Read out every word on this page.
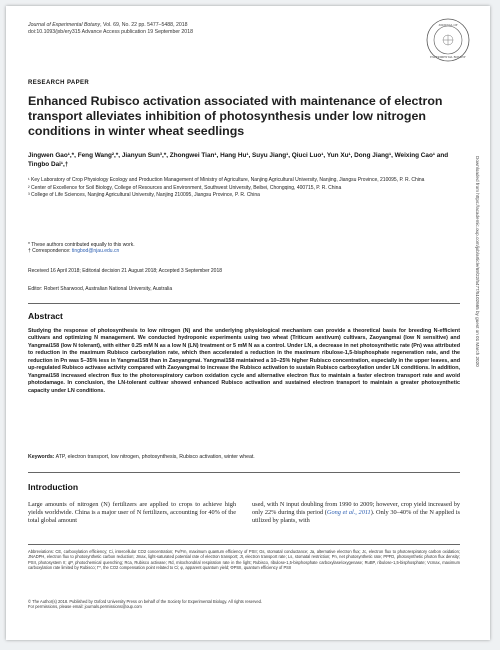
Journal of Experimental Botany, Vol. 69, No. 22 pp. 5477–5488, 2018
doi:10.1093/jxb/ery315 Advance Access publication 19 September 2018
JOURNAL OF
EXPERIMENTAL BOTANY
RESEARCH PAPER
Enhanced Rubisco activation associated with maintenance of electron transport alleviates inhibition of photosynthesis under low nitrogen conditions in winter wheat seedlings
Jingwen Gao¹,*, Feng Wang²,*, Jianyun Sun³,*, Zhongwei Tian¹, Hang Hu¹, Suyu Jiang¹, Qiuci Luo¹, Yun Xu¹, Dong Jiang¹, Weixing Cao¹ and Tingbo Dai¹,†
¹ Key Laboratory of Crop Physiology Ecology and Production Management of Ministry of Agriculture, Nanjing Agricultural University, Nanjing, Jiangsu Province, 210095, P. R. China
² Center of Excellence for Soil Biology, College of Resources and Environment, Southwest University, Beibei, Chongqing, 400715, P. R. China
³ College of Life Sciences, Nanjing Agricultural University, Nanjing 210095, Jiangsu Province, P. R. China
* These authors contributed equally to this work.
† Correspondence: tingbod@njau.edu.cn
Received 16 April 2018; Editorial decision 21 August 2018; Accepted 3 September 2018
Editor: Robert Sharwood, Australian National University, Australia
Abstract
Studying the response of photosynthesis to low nitrogen (N) and the underlying physiological mechanism can provide a theoretical basis for breeding N-efficient cultivars and optimizing N management. We conducted hydroponic experiments using two wheat (Triticum aestivum) cultivars, Zaoyangmai (low N sensitive) and Yangmai158 (low N tolerant), with either 0.25 mM N as a low N (LN) treatment or 5 mM N as a control. Under LN, a decrease in net photosynthetic rate (Pn) was attributed to reduction in the maximum Rubisco carboxylation rate, which then accelerated a reduction in the maximum ribulose-1,5-bisphosphate regeneration rate, and the reduction in Pn was 5–35% less in Yangmai158 than in Zaoyangmai. Yangmai158 maintained a 10–25% higher Rubisco concentration, especially in the upper leaves, and up-regulated Rubisco activase activity compared with Zaoyangmai to increase the Rubisco activation to sustain Rubisco carboxylation under LN conditions. In addition, Yangmai158 increased electron flux to the photorespiratory carbon oxidation cycle and alternative electron flux to maintain a faster electron transport rate and avoid photodamage. In conclusion, the LN-tolerant cultivar showed enhanced Rubisco activation and sustained electron transport to maintain a greater photosynthetic capacity under LN conditions.
Keywords: ATP, electron transport, low nitrogen, photosynthesis, Rubisco activation, winter wheat.
Introduction
Large amounts of nitrogen (N) fertilizers are applied to crops to achieve high yields worldwide. China is a major user of N fertilizers, accounting for 40% of the total global amount
used, with N input doubling from 1990 to 2009; however, crop yield increased by only 22% during this period (Gong et al., 2011). Only 30–40% of the N applied is utilized by plants, with
Abbreviations: CE, carboxylation efficiency; Ci, intercellular CO2 concentration; Fv/Fm, maximum quantum efficiency of PSII; Gs, stomatal conductance; Ja, alternative electron flux; Jc, electron flux to photorespiratory carbon oxidation; JNADPH, electron flux to photosynthetic carbon reduction; Jmax, light-saturated potential rate of electron transport; Jt, electron transport rate; Ls, stomatal restriction; Pn, net photosynthetic rate; PPFD, photosynthetic photon flux density; PSII, photosystem II; qP, photochemical quenching; Rca, Rubisco activase; Rd, mitochondrial respiration rate in the light; Rubisco, ribulose-1,5-bisphosphate carboxylase/oxygenase; RuBP, ribulose-1,5-bisphosphate; Vcmax, maximum carboxylation rate limited by Rubisco; Γ*, the CO2 compensation point related to Ci; φ, apparent quantum yield; ΦPSII, quantum efficiency of PSII
© The Author(s) 2018. Published by Oxford University Press on behalf of the Society for Experimental Biology. All rights reserved.
For permissions, please email: journals.permissions@oup.com
Downloaded from https://academic.oup.com/jxb/article/69/22/5477/5102665 by guest on 01 March 2020
